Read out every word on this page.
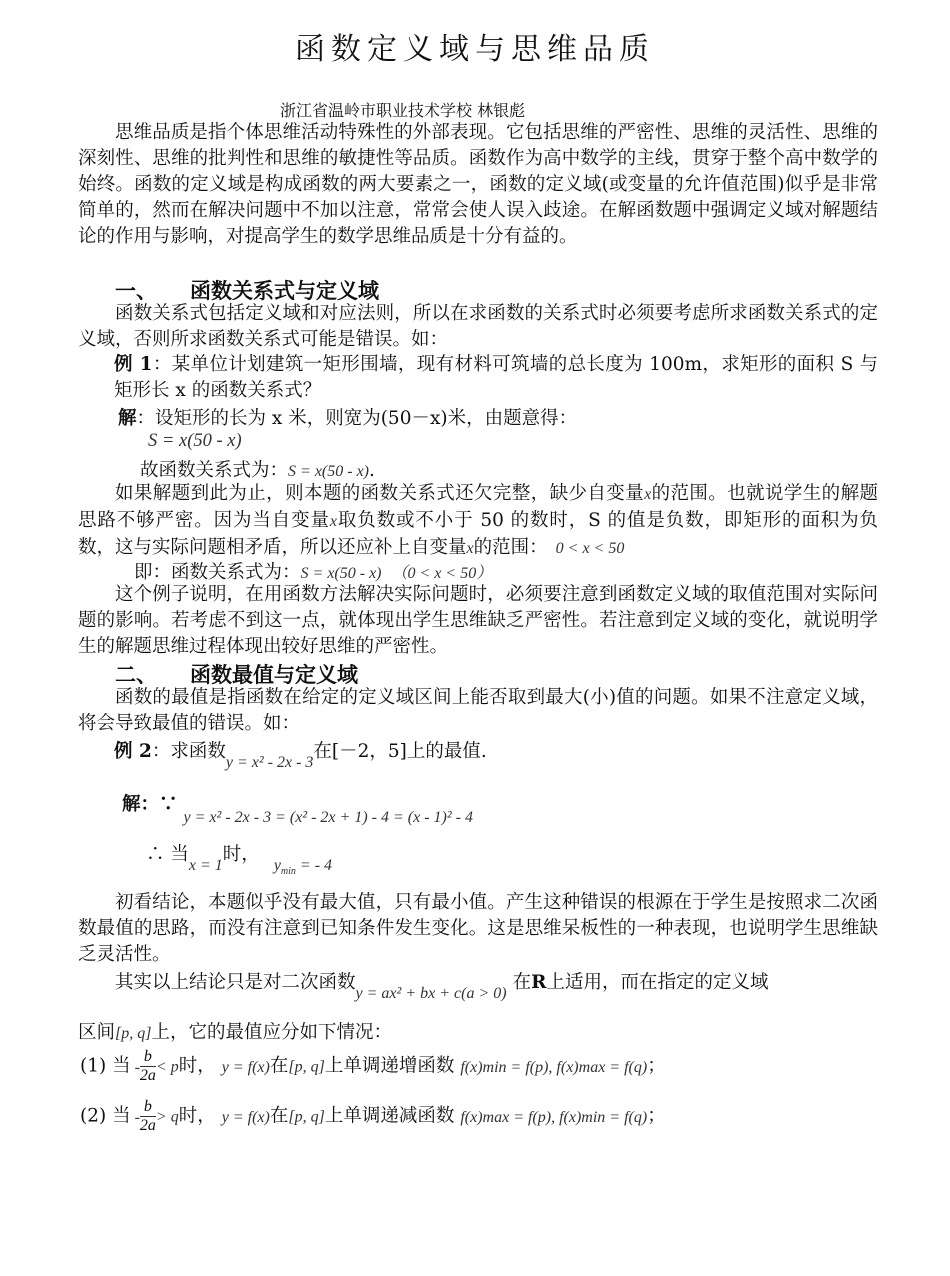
函数定义域与思维品质
浙江省温岭市职业技术学校 林银彪
思维品质是指个体思维活动特殊性的外部表现。它包括思维的严密性、思维的灵活性、思维的深刻性、思维的批判性和思维的敏捷性等品质。函数作为高中数学的主线，贯穿于整个高中数学的始终。函数的定义域是构成函数的两大要素之一，函数的定义域(或变量的允许值范围)似乎是非常简单的，然而在解决问题中不加以注意，常常会使人误入歧途。在解函数题中强调定义域对解题结论的作用与影响，对提高学生的数学思维品质是十分有益的。
一、 函数关系式与定义域
函数关系式包括定义域和对应法则，所以在求函数的关系式时必须要考虑所求函数关系式的定义域，否则所求函数关系式可能是错误。如：
例 1：某单位计划建筑一矩形围墙，现有材料可筑墙的总长度为 100m，求矩形的面积 S 与矩形长 x 的函数关系式？
解：设矩形的长为 x 米，则宽为(50－x)米，由题意得：
S = x(50 - x)
故函数关系式为：S = x(50 - x).
如果解题到此为止，则本题的函数关系式还欠完整，缺少自变量x的范围。也就说学生的解题思路不够严密。因为当自变量x取负数或不小于 50 的数时，S 的值是负数，即矩形的面积为负数，这与实际问题相矛盾，所以还应补上自变量x的范围： 0 < x < 50
即：函数关系式为：S = x(50 - x) （0 < x < 50）
这个例子说明，在用函数方法解决实际问题时，必须要注意到函数定义域的取值范围对实际问题的影响。若考虑不到这一点，就体现出学生思维缺乏严密性。若注意到定义域的变化，就说明学生的解题思维过程体现出较好思维的严密性。
二、 函数最值与定义域
函数的最值是指函数在给定的定义域区间上能否取到最大(小)值的问题。如果不注意定义域，将会导致最值的错误。如：
例 2：求函数y = x² - 2x - 3在[－2，5]上的最值.
解：∵y = x² - 2x - 3 = (x² - 2x + 1) - 4 = (x - 1)² - 4
∴ 当x = 1时，$y_{min}$ = - 4
初看结论，本题似乎没有最大值，只有最小值。产生这种错误的根源在于学生是按照求二次函数最值的思路，而没有注意到已知条件发生变化。这是思维呆板性的一种表现，也说明学生思维缺乏灵活性。
其实以上结论只是对二次函数y = ax² + bx + c(a > 0)在R上适用，而在指定的定义域
区间[p, q]上，它的最值应分如下情况：
(1) 当 - $\frac{b}{2a} < p$时， y = f(x)在[p, q]上单调递增函数 f(x)min = f(p), f(x)max = f(q)；
(2) 当 - $\frac{b}{2a} > q$时， y = f(x)在[p, q]上单调递减函数 f(x)max = f(p), f(x)min = f(q)；
